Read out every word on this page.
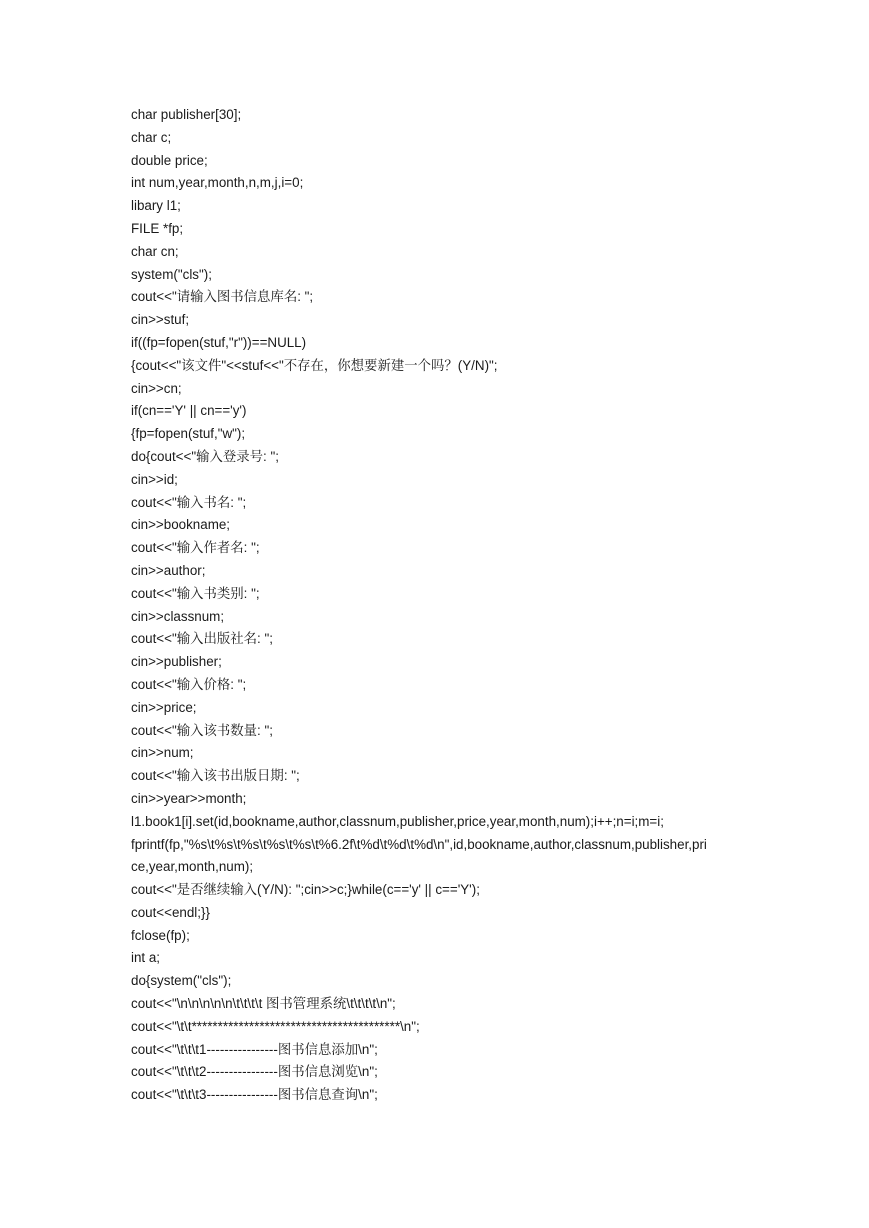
char publisher[30];
char c;
double price;
int num,year,month,n,m,j,i=0;
libary l1;
FILE *fp;
char cn;
system("cls");
cout<<"请输入图书信息库名: ";
cin>>stuf;
if((fp=fopen(stuf,"r"))==NULL)
{cout<<"该文件"<<stuf<<"不存在，你想要新建一个吗？(Y/N)";
cin>>cn;
if(cn=='Y' || cn=='y')
{fp=fopen(stuf,"w");
do{cout<<"输入登录号: ";
cin>>id;
cout<<"输入书名: ";
cin>>bookname;
cout<<"输入作者名: ";
cin>>author;
cout<<"输入书类别: ";
cin>>classnum;
cout<<"输入出版社名: ";
cin>>publisher;
cout<<"输入价格: ";
cin>>price;
cout<<"输入该书数量: ";
cin>>num;
cout<<"输入该书出版日期: ";
cin>>year>>month;
l1.book1[i].set(id,bookname,author,classnum,publisher,price,year,month,num);i++;n=i;m=i;
fprintf(fp,"%s\t%s\t%s\t%s\t%s\t%6.2f\t%d\t%d\t%d\n",id,bookname,author,classnum,publisher,pri
ce,year,month,num);
cout<<"是否继续输入(Y/N): ";cin>>c;}while(c=='y' || c=='Y');
cout<<endl;}}
fclose(fp);
int a;
do{system("cls");
cout<<"\n\n\n\n\n\t\t\t\t 图书管理系统\t\t\t\t\n";
cout<<"\t\t****************************************\n";
cout<<"\t\t\t1----------------图书信息添加\n";
cout<<"\t\t\t2----------------图书信息浏览\n";
cout<<"\t\t\t3----------------图书信息查询\n";
